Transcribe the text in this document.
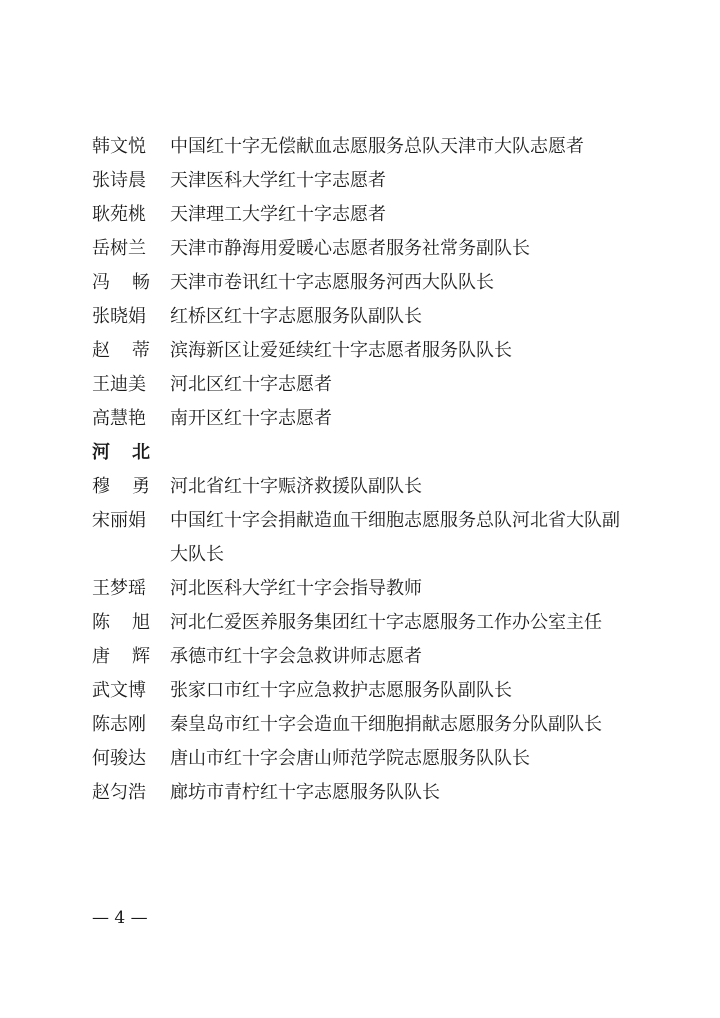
韩文悦	中国红十字无偿献血志愿服务总队天津市大队志愿者
张诗晨	天津医科大学红十字志愿者
耿苑桃	天津理工大学红十字志愿者
岳树兰	天津市静海用爱暖心志愿者服务社常务副队长
冯 畅 天津市卷讯红十字志愿服务河西大队队长
张晓娟	红桥区红十字志愿服务队副队长
赵 蒂 滨海新区让爱延续红十字志愿者服务队队长
王迪美	河北区红十字志愿者
高慧艳	南开区红十字志愿者
河 北
穆 勇 河北省红十字赈济救援队副队长
宋丽娟	中国红十字会捐献造血干细胞志愿服务总队河北省大队副大队长
王梦瑶	河北医科大学红十字会指导教师
陈 旭 河北仁爱医养服务集团红十字志愿服务工作办公室主任
唐 辉 承德市红十字会急救讲师志愿者
武文博	张家口市红十字应急救护志愿服务队副队长
陈志刚	秦皇岛市红十字会造血干细胞捐献志愿服务分队副队长
何骏达	唐山市红十字会唐山师范学院志愿服务队队长
赵匀浩	廊坊市青柠红十字志愿服务队队长
— 4 —
